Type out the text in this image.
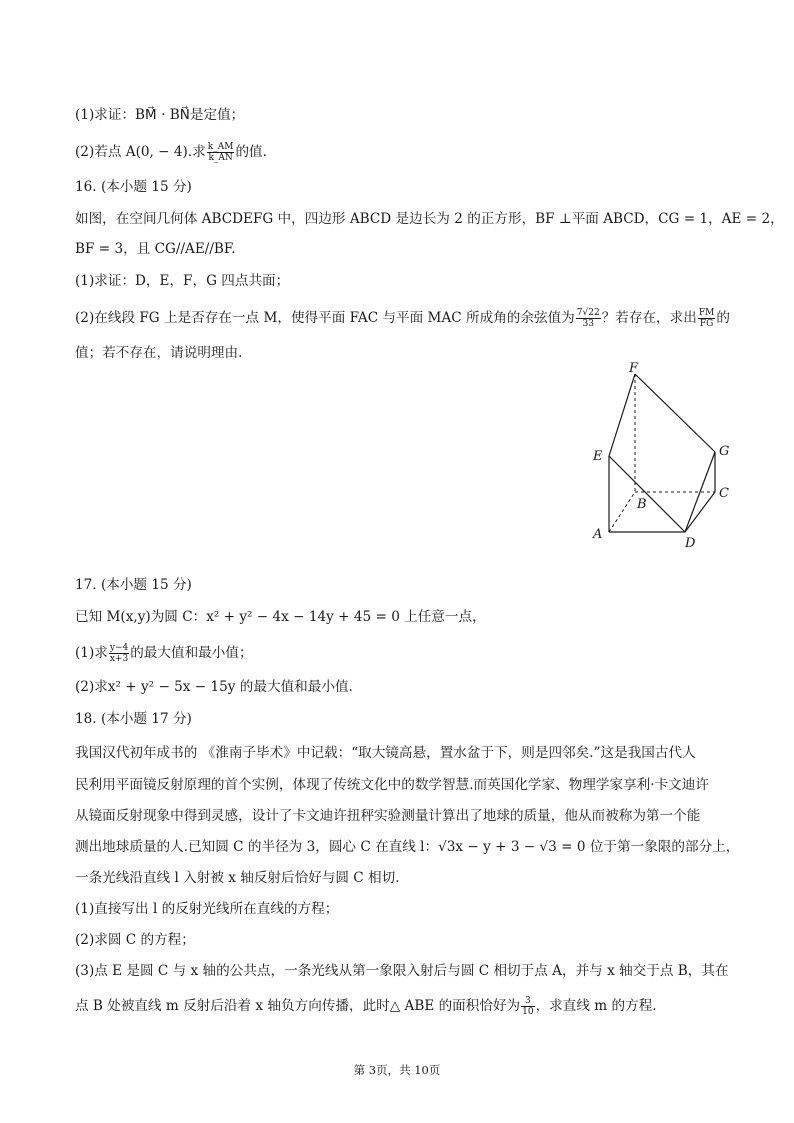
(1)求证：BM⃗ · BN⃗是定值；
(2)若点 A(0, − 4).求 $\frac{k\_AM}{k\_AN}$ 的值.
16. (本小题 15 分)
如图，在空间几何体 ABCDEFG 中，四边形 ABCD 是边长为 2 的正方形，BF ⊥平面 ABCD，CG = 1，AE = 2，
BF = 3，且 CG//AE//BF.
(1)求证：D，E，F，G 四点共面；
(2)在线段 FG 上是否存在一点 M，使得平面 FAC 与平面 MAC 所成角的余弦值为 $\frac{7√22}{33}$ ？若存在，求出 $\frac{FM}{FG}$ 的
值；若不存在，请说明理由.
F
E	G
C
B
A
D
17. (本小题 15 分)
已知 M(x,y)为圆 C：x² + y² − 4x − 14y + 45 = 0 上任意一点，
(1)求 $\frac{y-4}{x+3}$ 的最大值和最小值；
(2)求x² + y² − 5x − 15y 的最大值和最小值.
18. (本小题 17 分)
我国汉代初年成书的 《淮南子毕术》中记载：“取大镜高悬，置水盆于下，则是四邻矣.”这是我国古代人
民利用平面镜反射原理的首个实例，体现了传统文化中的数学智慧.而英国化学家、物理学家享利·卡文迪许
从镜面反射现象中得到灵感，设计了卡文迪许扭秤实验测量计算出了地球的质量，他从而被称为第一个能
测出地球质量的人.已知圆 C 的半径为 3，圆心 C 在直线 l：√3x − y + 3 − √3 = 0 位于第一象限的部分上，
一条光线沿直线 l 入射被 x 轴反射后恰好与圆 C 相切.
(1)直接写出 l 的反射光线所在直线的方程；
(2)求圆 C 的方程；
(3)点 E 是圆 C 与 x 轴的公共点，一条光线从第一象限入射后与圆 C 相切于点 A，并与 x 轴交于点 B，其在
点 B 处被直线 m 反射后沿着 x 轴负方向传播，此时△ ABE 的面积恰好为 $\frac{3}{10}$ ，求直线 m 的方程.
第 3页，共 10页
